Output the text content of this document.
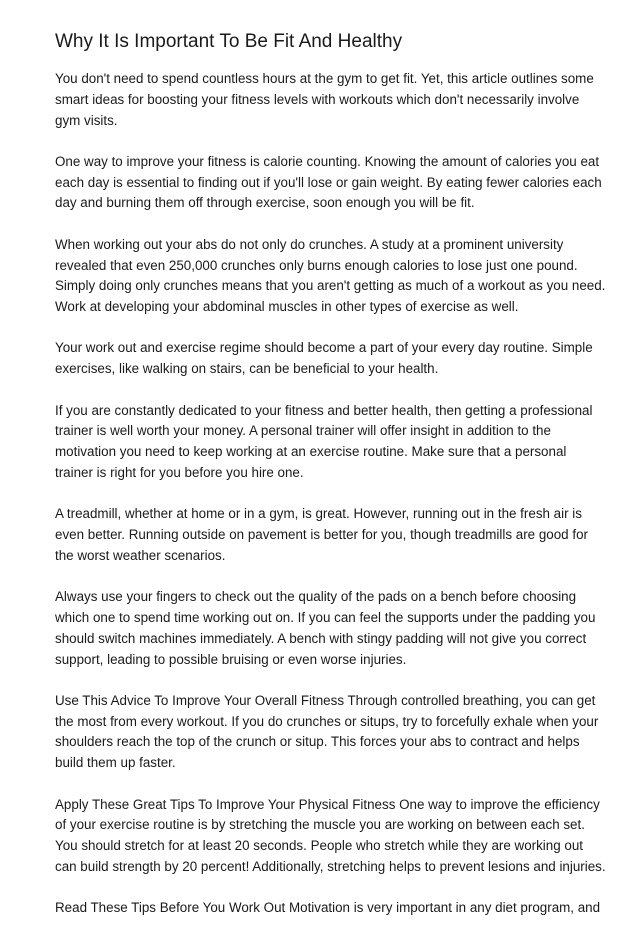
Why It Is Important To Be Fit And Healthy

You don't need to spend countless hours at the gym to get fit. Yet, this article outlines some
smart ideas for boosting your fitness levels with workouts which don't necessarily involve
gym visits.

One way to improve your fitness is calorie counting. Knowing the amount of calories you eat
each day is essential to finding out if you'll lose or gain weight. By eating fewer calories each
day and burning them off through exercise, soon enough you will be fit.

When working out your abs do not only do crunches. A study at a prominent university
revealed that even 250,000 crunches only burns enough calories to lose just one pound.
Simply doing only crunches means that you aren't getting as much of a workout as you need.
Work at developing your abdominal muscles in other types of exercise as well.

Your work out and exercise regime should become a part of your every day routine. Simple
exercises, like walking on stairs, can be beneficial to your health.

If you are constantly dedicated to your fitness and better health, then getting a professional
trainer is well worth your money. A personal trainer will offer insight in addition to the
motivation you need to keep working at an exercise routine. Make sure that a personal
trainer is right for you before you hire one.

A treadmill, whether at home or in a gym, is great. However, running out in the fresh air is
even better. Running outside on pavement is better for you, though treadmills are good for
the worst weather scenarios.

Always use your fingers to check out the quality of the pads on a bench before choosing
which one to spend time working out on. If you can feel the supports under the padding you
should switch machines immediately. A bench with stingy padding will not give you correct
support, leading to possible bruising or even worse injuries.

Use This Advice To Improve Your Overall Fitness Through controlled breathing, you can get
the most from every workout. If you do crunches or situps, try to forcefully exhale when your
shoulders reach the top of the crunch or situp. This forces your abs to contract and helps
build them up faster.

Apply These Great Tips To Improve Your Physical Fitness One way to improve the efficiency
of your exercise routine is by stretching the muscle you are working on between each set.
You should stretch for at least 20 seconds. People who stretch while they are working out
can build strength by 20 percent! Additionally, stretching helps to prevent lesions and injuries.

Read These Tips Before You Work Out Motivation is very important in any diet program, and
